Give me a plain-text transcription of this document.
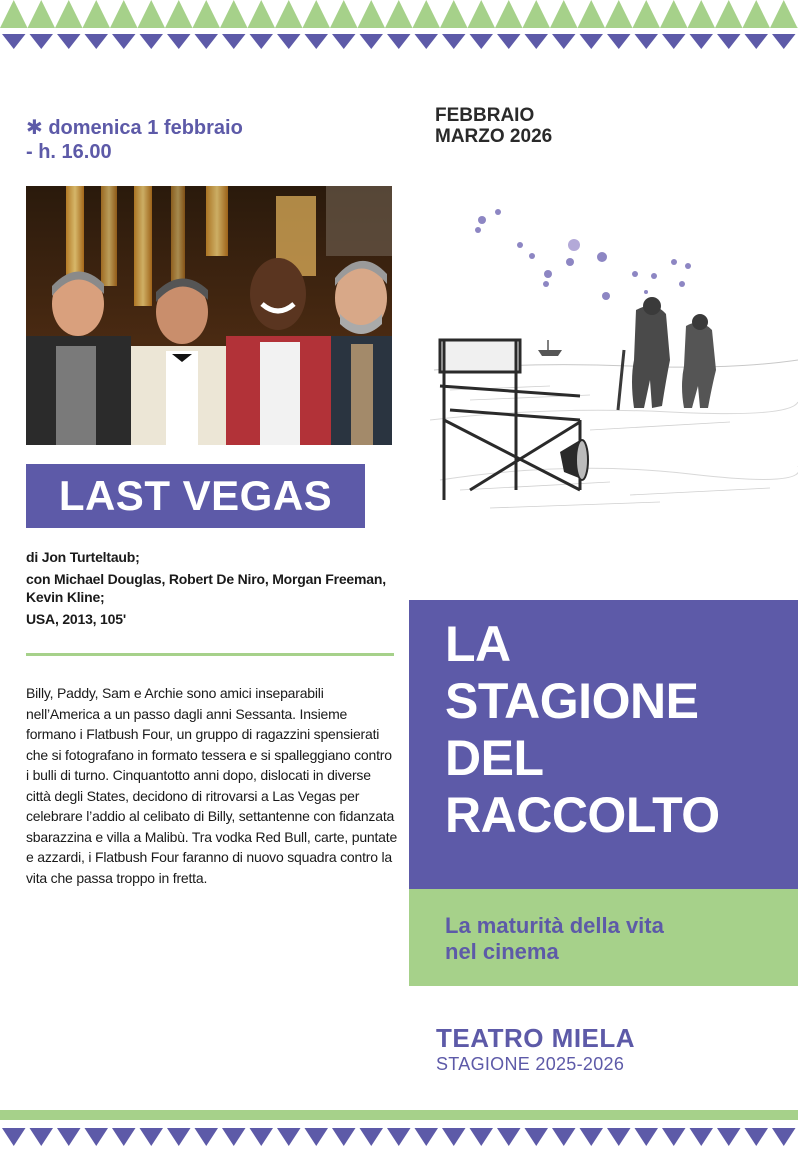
✱ domenica 1 febbraio
- h. 16.00
FEBBRAIO
MARZO 2026
LAST VEGAS

di Jon Turteltaub;

con Michael Douglas, Robert De Niro, Morgan Freeman, Kevin Kline;

USA, 2013, 105'

Billy, Paddy, Sam e Archie sono amici inseparabili nell’America a un passo dagli anni Sessanta. Insieme formano i Flatbush Four, un gruppo di ragazzini spensierati che si fotografano in formato tessera e si spalleggiano contro i bulli di turno. Cinquantotto anni dopo, dislocati in diverse città degli States, decidono di ritrovarsi a Las Vegas per celebrare l’addio al celibato di Billy, settantenne con fidanzata sbarazzina e villa a Malibù. Tra vodka Red Bull, carte, puntate e azzardi, i Flatbush Four faranno di nuovo squadra contro la vita che passa troppo in fretta.
LA
STAGIONE
DEL
RACCOLTO
La maturità della vita
nel cinema
TEATRO MIELA
STAGIONE 2025-2026
